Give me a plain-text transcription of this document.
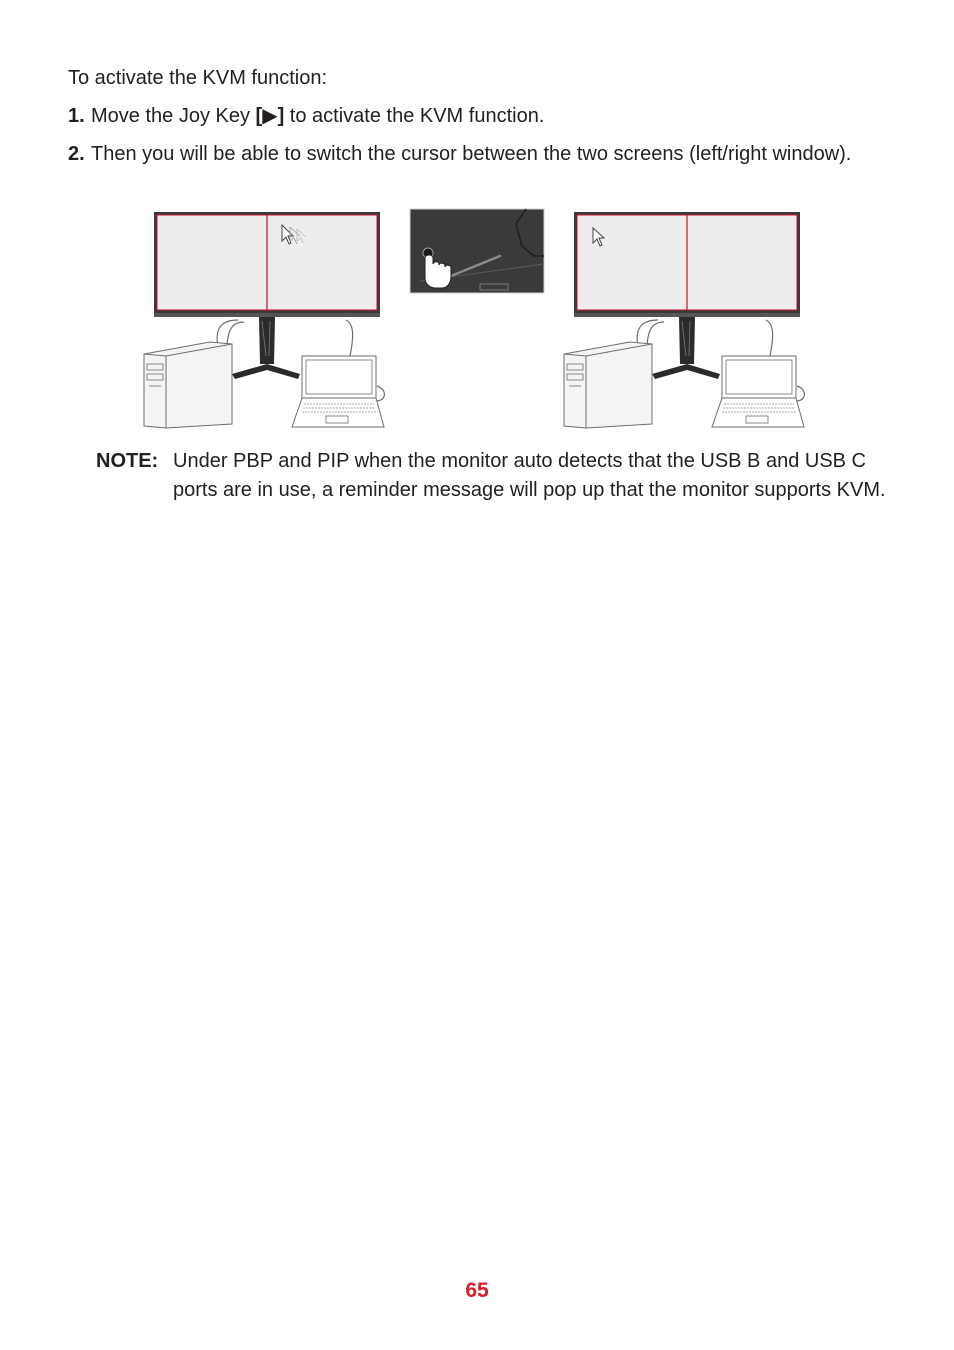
To activate the KVM function:

1. Move the Joy Key [▶] to activate the KVM function.
2. Then you will be able to switch the cursor between the two screens (left/right window).
NOTE: Under PBP and PIP when the monitor auto detects that the USB B and USB C ports are in use, a reminder message will pop up that the monitor supports KVM.
65
